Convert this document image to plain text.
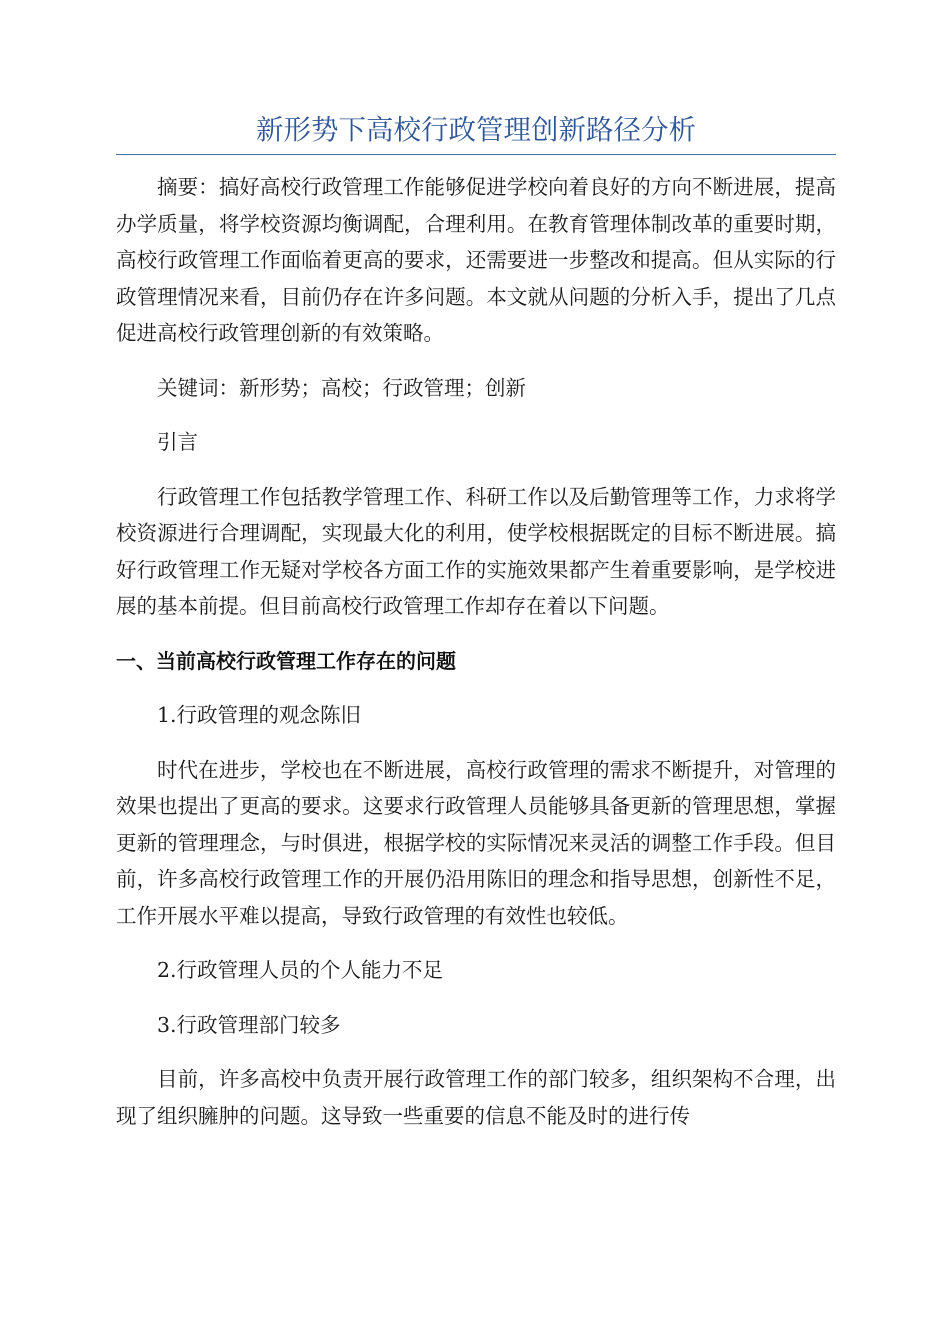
新形势下高校行政管理创新路径分析

摘要：搞好高校行政管理工作能够促进学校向着良好的方向不断进展，提高办学质量，将学校资源均衡调配，合理利用。在教育管理体制改革的重要时期，高校行政管理工作面临着更高的要求，还需要进一步整改和提高。但从实际的行政管理情况来看，目前仍存在许多问题。本文就从问题的分析入手，提出了几点促进高校行政管理创新的有效策略。

关键词：新形势；高校；行政管理；创新

引言

行政管理工作包括教学管理工作、科研工作以及后勤管理等工作，力求将学校资源进行合理调配，实现最大化的利用，使学校根据既定的目标不断进展。搞好行政管理工作无疑对学校各方面工作的实施效果都产生着重要影响，是学校进展的基本前提。但目前高校行政管理工作却存在着以下问题。

一、当前高校行政管理工作存在的问题

1.行政管理的观念陈旧

时代在进步，学校也在不断进展，高校行政管理的需求不断提升，对管理的效果也提出了更高的要求。这要求行政管理人员能够具备更新的管理思想，掌握更新的管理理念，与时俱进，根据学校的实际情况来灵活的调整工作手段。但目前，许多高校行政管理工作的开展仍沿用陈旧的理念和指导思想，创新性不足，工作开展水平难以提高，导致行政管理的有效性也较低。

2.行政管理人员的个人能力不足

3.行政管理部门较多

目前，许多高校中负责开展行政管理工作的部门较多，组织架构不合理，出现了组织臃肿的问题。这导致一些重要的信息不能及时的进行传
